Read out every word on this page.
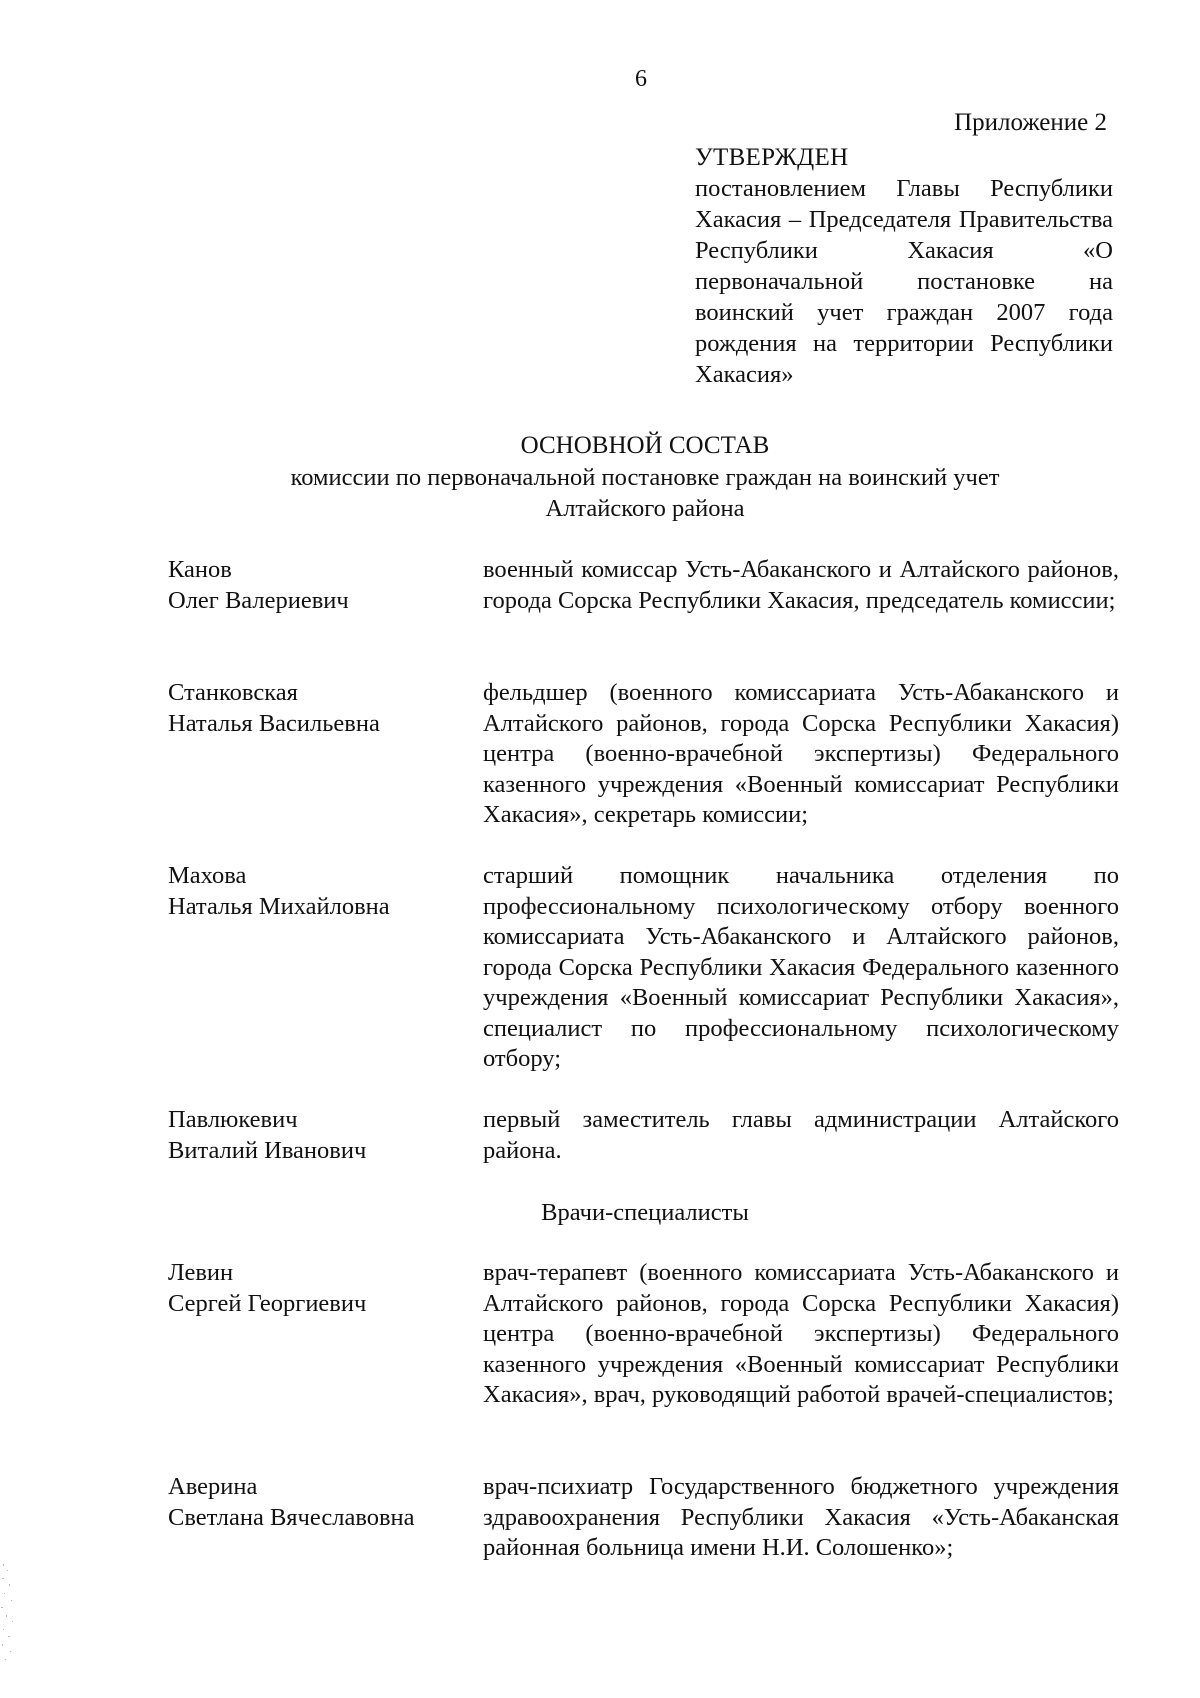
6
Приложение 2
УТВЕРЖДЕН
постановлением Главы Республики Хакасия – Председателя Правительства Республики Хакасия «О первоначальной постановке на воинский учет граждан 2007 года рождения на территории Республики Хакасия»
ОСНОВНОЙ СОСТАВ
комиссии по первоначальной постановке граждан на воинский учет
Алтайского района
Канов
Олег Валериевич
военный комиссар Усть-Абаканского и Алтайского районов, города Сорска Республики Хакасия, председатель комиссии;
Станковская
Наталья Васильевна
фельдшер (военного комиссариата Усть-Абаканского и Алтайского районов, города Сорска Республики Хакасия) центра (военно-врачебной экспертизы) Федерального казенного учреждения «Военный комиссариат Республики Хакасия», секретарь комиссии;
Махова
Наталья Михайловна
старший помощник начальника отделения по профессиональному психологическому отбору военного комиссариата Усть-Абаканского и Алтайского районов, города Сорска Республики Хакасия Федерального казенного учреждения «Военный комиссариат Республики Хакасия», специалист по профессиональному психологическому отбору;
Павлюкевич
Виталий Иванович
первый заместитель главы администрации Алтайского района.
Врачи-специалисты
Левин
Сергей Георгиевич
врач-терапевт (военного комиссариата Усть-Абаканского и Алтайского районов, города Сорска Республики Хакасия) центра (военно-врачебной экспертизы) Федерального казенного учреждения «Военный комиссариат Республики Хакасия», врач, руководящий работой врачей-специалистов;
Аверина
Светлана Вячеславовна
врач-психиатр Государственного бюджетного учреждения здравоохранения Республики Хакасия «Усть-Абаканская районная больница имени Н.И. Солошенко»;
